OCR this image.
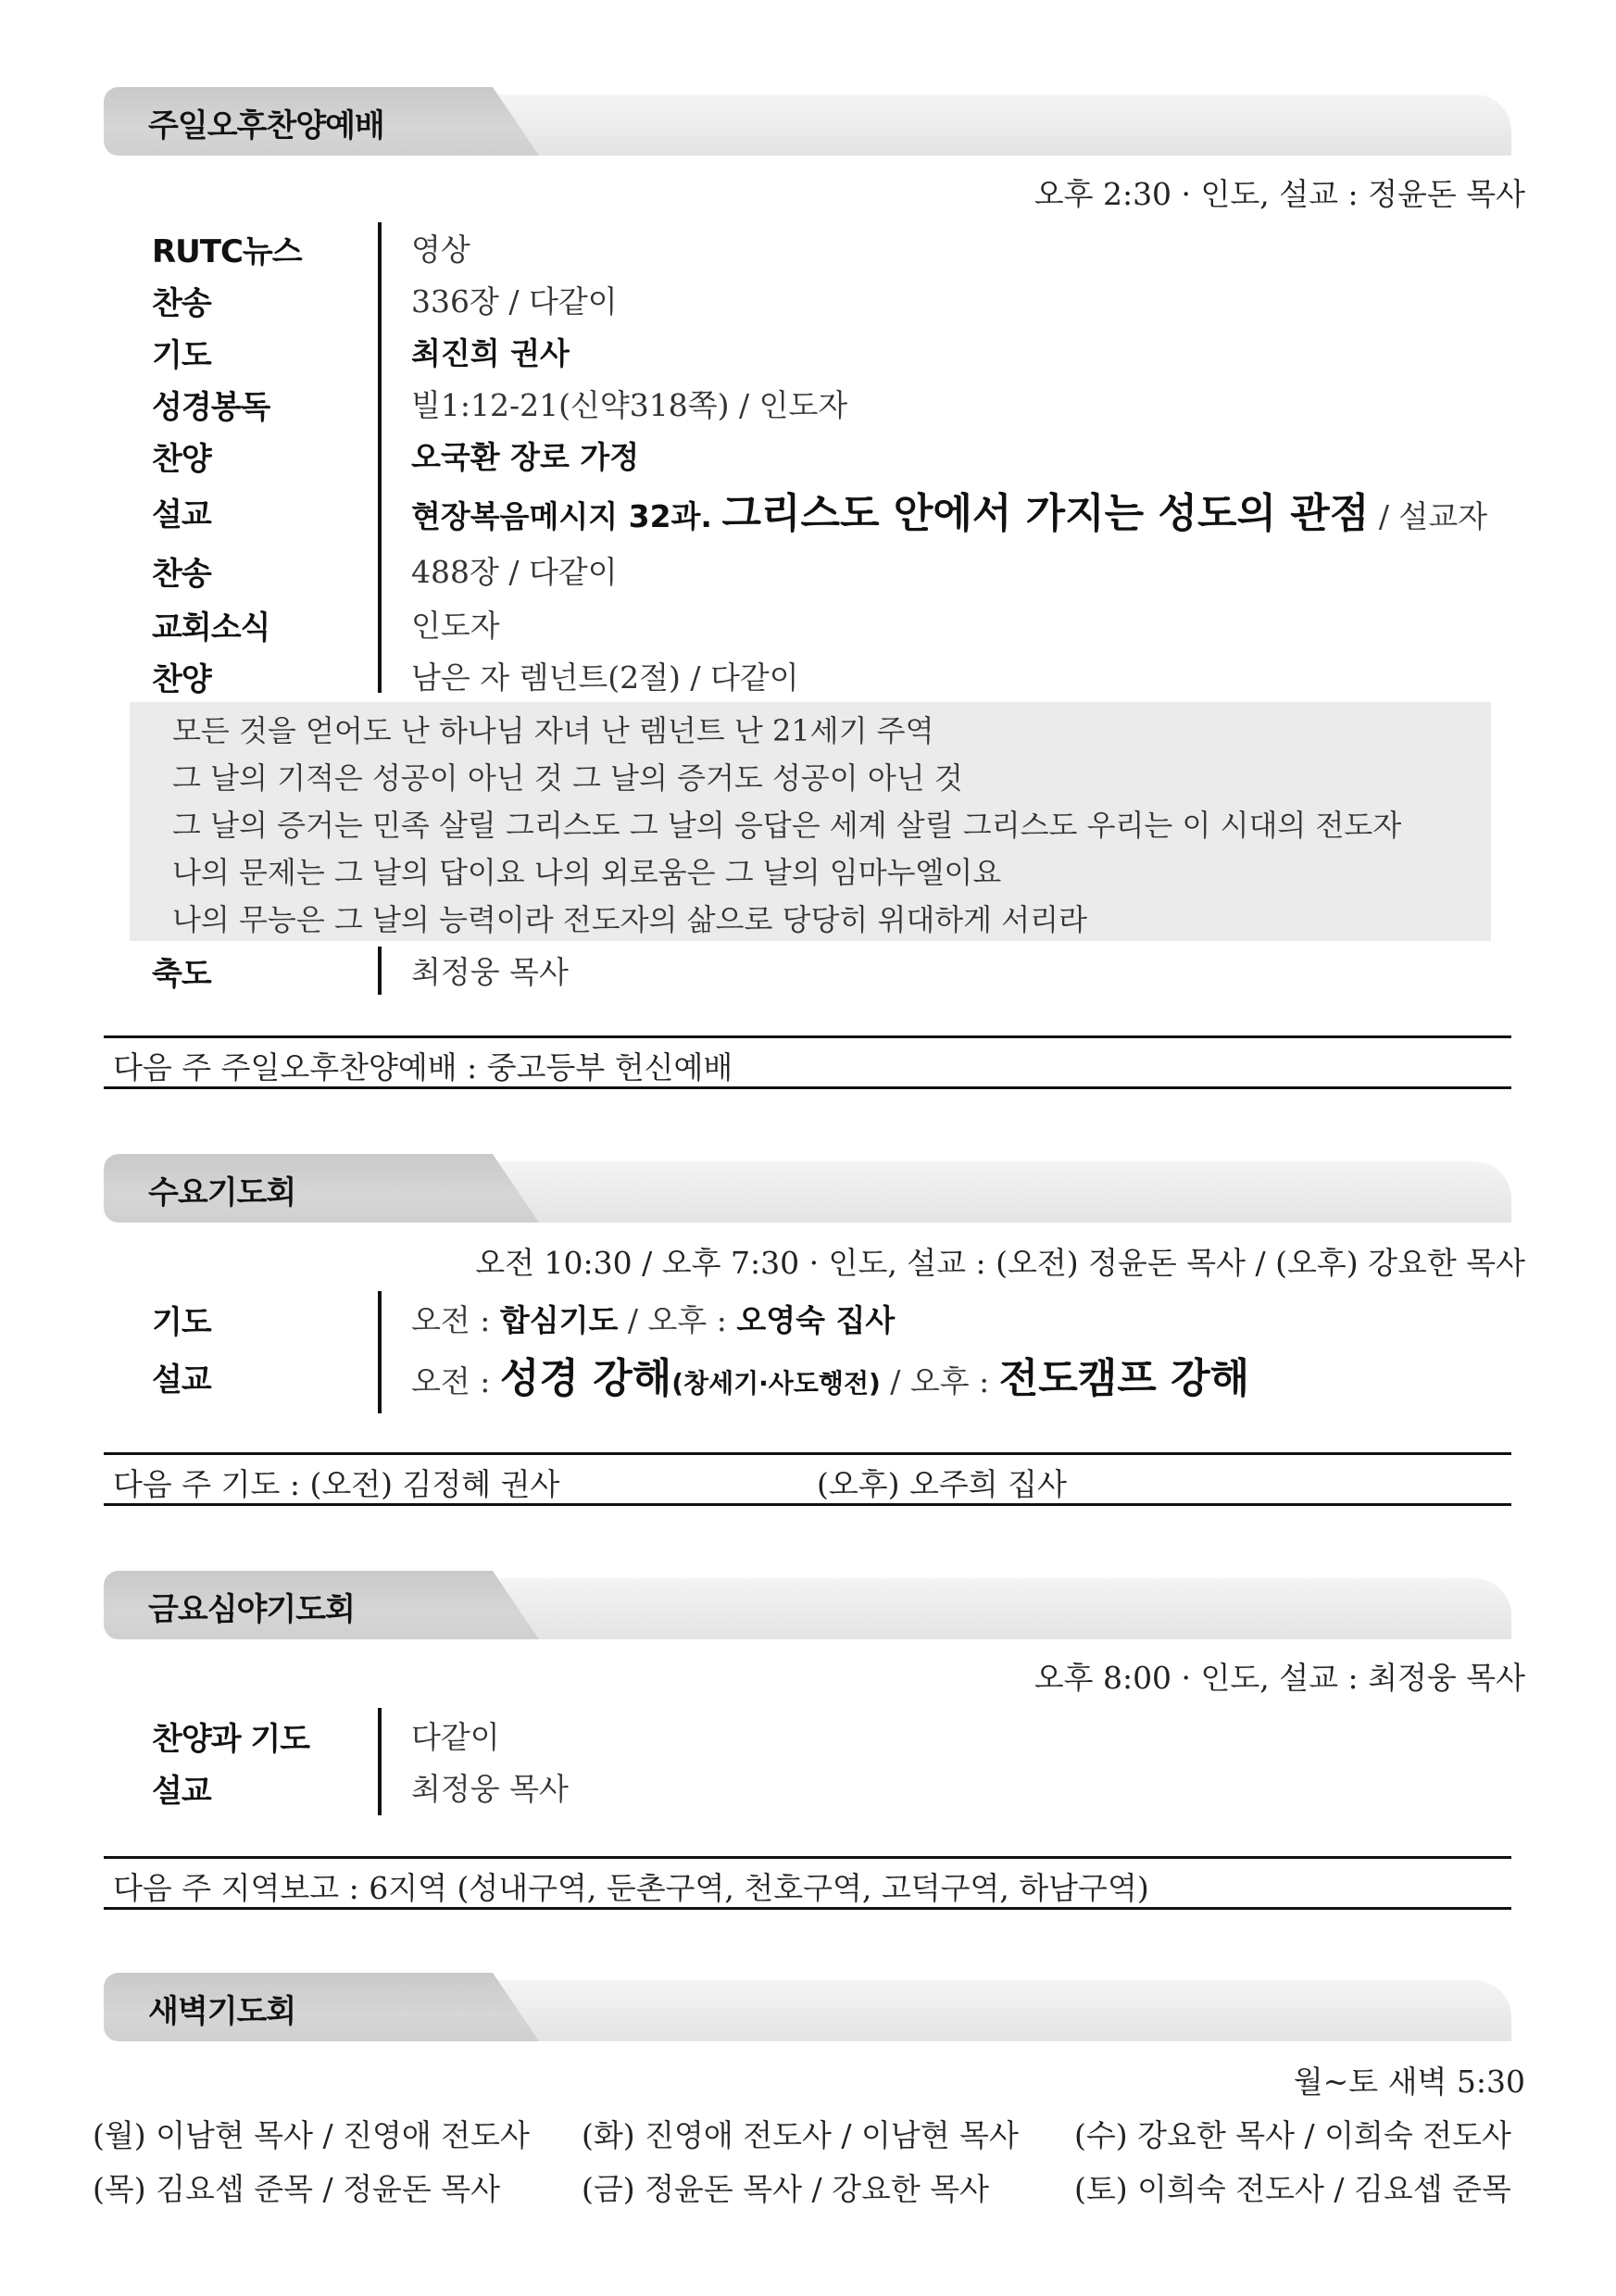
주일오후찬양예배
오후 2:30 · 인도, 설교 : 정윤돈 목사
RUTC뉴스	영상
찬송	336장 / 다같이
기도	최진희 권사
성경봉독	빌1:12-21(신약318쪽) / 인도자
찬양	오국환 장로 가정
설교	현장복음메시지 32과. 그리스도 안에서 가지는 성도의 관점 / 설교자
찬송	488장 / 다같이
교회소식	인도자
찬양	남은 자 렘넌트(2절) / 다같이
모든 것을 얻어도 난 하나님 자녀 난 렘넌트 난 21세기 주역
그 날의 기적은 성공이 아닌 것 그 날의 증거도 성공이 아닌 것
그 날의 증거는 민족 살릴 그리스도 그 날의 응답은 세계 살릴 그리스도 우리는 이 시대의 전도자
나의 문제는 그 날의 답이요 나의 외로움은 그 날의 임마누엘이요
나의 무능은 그 날의 능력이라 전도자의 삶으로 당당히 위대하게 서리라
축도	최정웅 목사
다음 주 주일오후찬양예배 : 중고등부 헌신예배
수요기도회
오전 10:30 / 오후 7:30 · 인도, 설교 : (오전) 정윤돈 목사 / (오후) 강요한 목사
기도	오전 : 합심기도 / 오후 : 오영숙 집사
설교	오전 : 성경 강해(창세기·사도행전) / 오후 : 전도캠프 강해
다음 주 기도 : (오전) 김정혜 권사	(오후) 오주희 집사
금요심야기도회
오후 8:00 · 인도, 설교 : 최정웅 목사
찬양과 기도	다같이
설교	최정웅 목사
다음 주 지역보고 : 6지역 (성내구역, 둔촌구역, 천호구역, 고덕구역, 하남구역)
새벽기도회
월~토 새벽 5:30
(월) 이남현 목사 / 진영애 전도사 (화) 진영애 전도사 / 이남현 목사 (수) 강요한 목사 / 이희숙 전도사
(목) 김요셉 준목 / 정윤돈 목사	(금) 정윤돈 목사 / 강요한 목사	(토) 이희숙 전도사 / 김요셉 준목
